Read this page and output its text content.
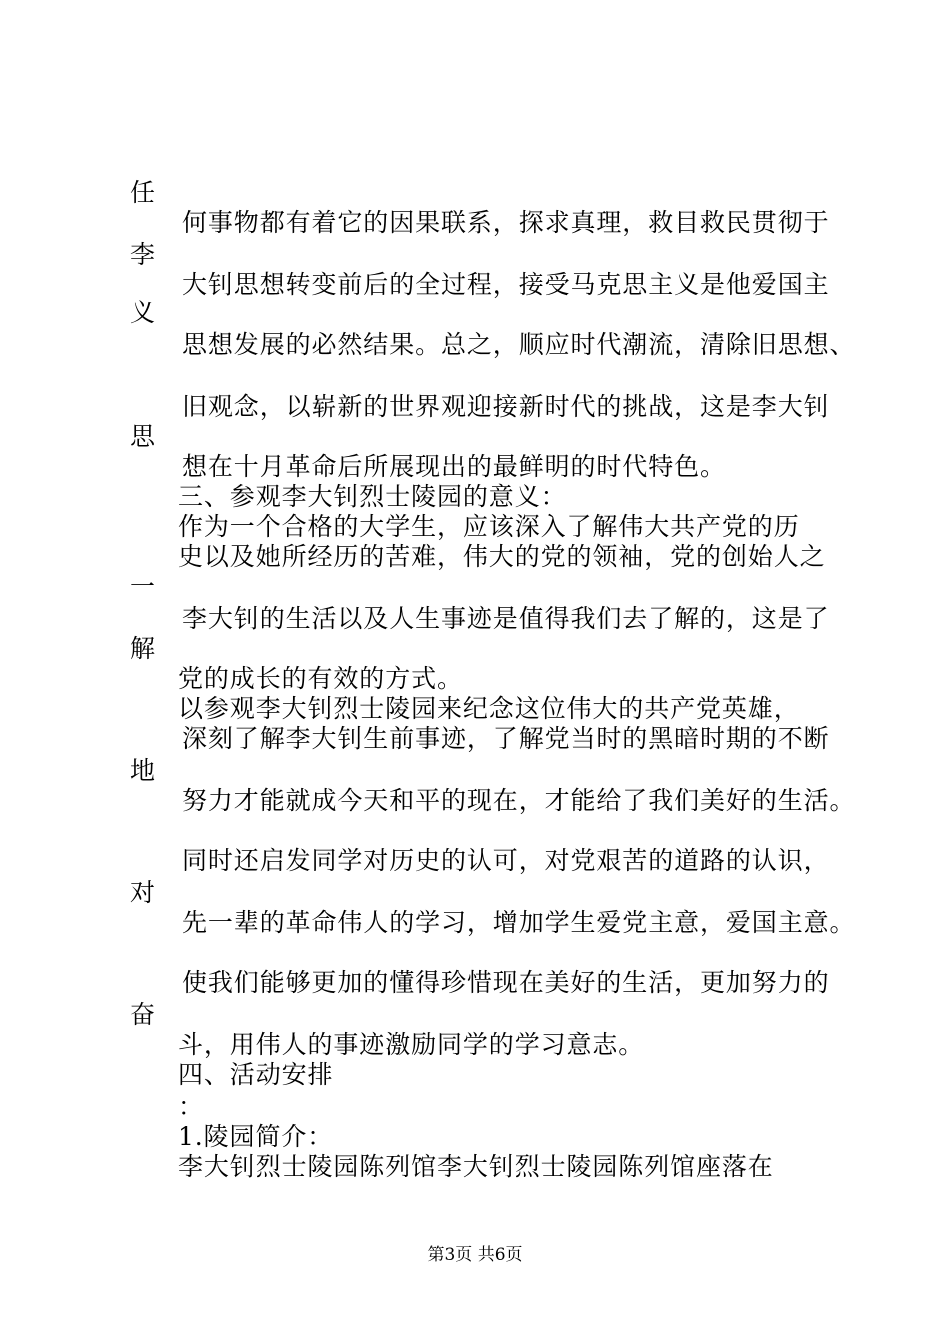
任
李
义
思
一
解
地
对
奋
何事物都有着它的因果联系，探求真理，救目救民贯彻于
大钊思想转变前后的全过程，接受马克思主义是他爱国主
思想发展的必然结果。总之，顺应时代潮流，清除旧思想、
旧观念，以崭新的世界观迎接新时代的挑战，这是李大钊
想在十月革命后所展现出的最鲜明的时代特色。
三、参观李大钊烈士陵园的意义：
作为一个合格的大学生，应该深入了解伟大共产党的历
史以及她所经历的苦难，伟大的党的领袖，党的创始人之
李大钊的生活以及人生事迹是值得我们去了解的，这是了
党的成长的有效的方式。
以参观李大钊烈士陵园来纪念这位伟大的共产党英雄，
深刻了解李大钊生前事迹，了解党当时的黑暗时期的不断
努力才能就成今天和平的现在，才能给了我们美好的生活。
同时还启发同学对历史的认可，对党艰苦的道路的认识，
先一辈的革命伟人的学习，增加学生爱党主意，爱国主意。
使我们能够更加的懂得珍惜现在美好的生活，更加努力的
斗，用伟人的事迹激励同学的学习意志。
四、活动安排
：
1.陵园简介：
李大钊烈士陵园陈列馆李大钊烈士陵园陈列馆座落在
第3页 共6页
